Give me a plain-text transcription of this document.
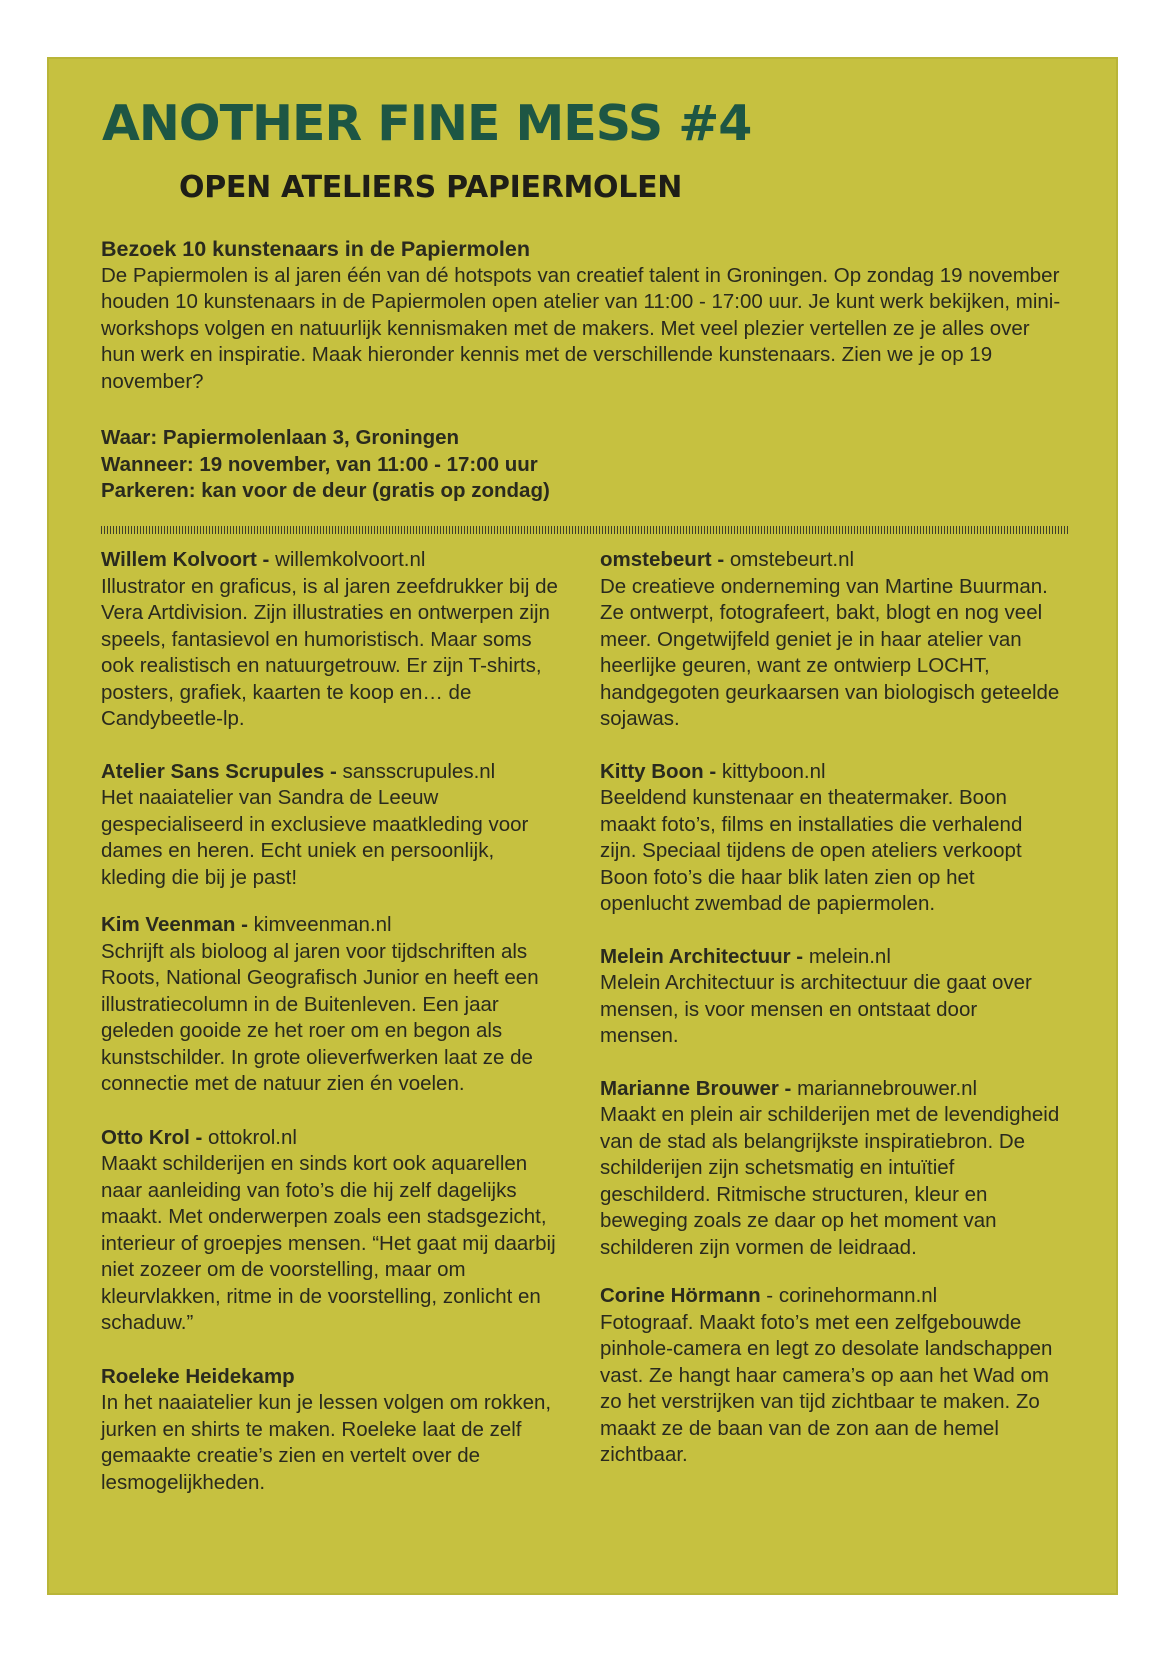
ANOTHER FINE MESS #4
OPEN ATELIERS PAPIERMOLEN
Bezoek 10 kunstenaars in de Papiermolen

De Papiermolen is al jaren één van dé hotspots van creatief talent in Groningen. Op zondag 19 november houden 10 kunstenaars in de Papiermolen open atelier van 11:00 - 17:00 uur. Je kunt werk bekijken, mini-workshops volgen en natuurlijk kennismaken met de makers. Met veel plezier vertellen ze je alles over hun werk en inspiratie. Maak hieronder kennis met de verschillende kunstenaars. Zien we je op 19 november?

Waar: Papiermolenlaan 3, Groningen
Wanneer: 19 november, van 11:00 - 17:00 uur
Parkeren: kan voor de deur (gratis op zondag)

Willem Kolvoort - willemkolvoort.nl

Illustrator en graficus, is al jaren zeefdrukker bij de Vera Artdivision. Zijn illustraties en ontwerpen zijn speels, fantasievol en humoristisch. Maar soms ook realistisch en natuurgetrouw. Er zijn T-shirts, posters, grafiek, kaarten te koop en… de Candybeetle-lp.

Atelier Sans Scrupules - sansscrupules.nl

Het naaiatelier van Sandra de Leeuw gespecialiseerd in exclusieve maatkleding voor dames en heren. Echt uniek en persoonlijk, kleding die bij je past!

Kim Veenman - kimveenman.nl

Schrijft als bioloog al jaren voor tijdschriften als Roots, National Geografisch Junior en heeft een illustratiecolumn in de Buitenleven. Een jaar geleden gooide ze het roer om en begon als kunstschilder. In grote olieverfwerken laat ze de connectie met de natuur zien én voelen.

Otto Krol - ottokrol.nl

Maakt schilderijen en sinds kort ook aquarellen naar aanleiding van foto’s die hij zelf dagelijks maakt. Met onderwerpen zoals een stadsgezicht, interieur of groepjes mensen. “Het gaat mij daarbij niet zozeer om de voorstelling, maar om kleurvlakken, ritme in de voorstelling, zonlicht en schaduw.”

Roeleke Heidekamp

In het naaiatelier kun je lessen volgen om rokken, jurken en shirts te maken. Roeleke laat de zelf gemaakte creatie’s zien en vertelt over de lesmogelijkheden.

omstebeurt - omstebeurt.nl

De creatieve onderneming van Martine Buurman. Ze ontwerpt, fotografeert, bakt, blogt en nog veel meer. Ongetwijfeld geniet je in haar atelier van heerlijke geuren, want ze ontwierp LOCHT, handgegoten geurkaarsen van biologisch geteelde sojawas.

Kitty Boon - kittyboon.nl

Beeldend kunstenaar en theatermaker. Boon maakt foto’s, films en installaties die verhalend zijn. Speciaal tijdens de open ateliers verkoopt Boon foto’s die haar blik laten zien op het openlucht zwembad de papiermolen.

Melein Architectuur - melein.nl

Melein Architectuur is architectuur die gaat over mensen, is voor mensen en ontstaat door mensen.

Marianne Brouwer - mariannebrouwer.nl

Maakt en plein air schilderijen met de levendigheid van de stad als belangrijkste inspiratiebron. De schilderijen zijn schetsmatig en intuïtief geschilderd. Ritmische structuren, kleur en beweging zoals ze daar op het moment van schilderen zijn vormen de leidraad.

Corine Hörmann - corinehormann.nl

Fotograaf. Maakt foto’s met een zelfgebouwde pinhole-camera en legt zo desolate landschappen vast. Ze hangt haar camera’s op aan het Wad om zo het verstrijken van tijd zichtbaar te maken. Zo maakt ze de baan van de zon aan de hemel zichtbaar.
